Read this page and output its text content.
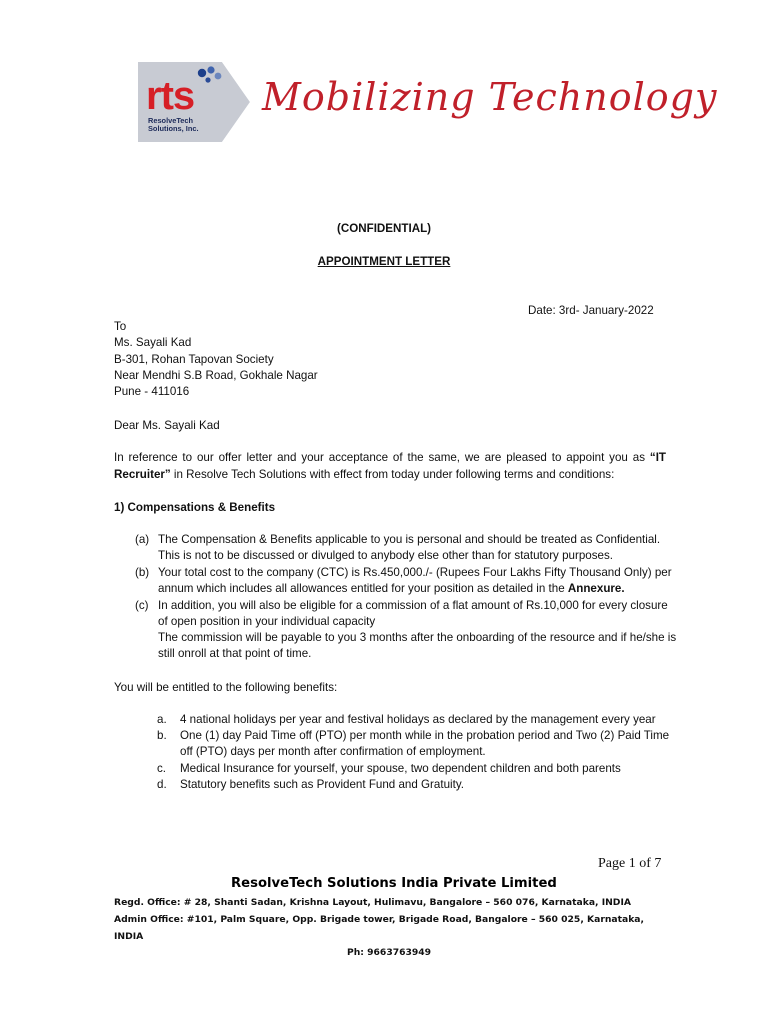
rts
ResolveTech
Solutions, Inc.
Mobilizing Technology
(CONFIDENTIAL)
APPOINTMENT LETTER
Date: 3rd- January-2022
To
Ms. Sayali Kad
B-301, Rohan Tapovan Society
Near Mendhi S.B Road, Gokhale Nagar
Pune - 411016
Dear Ms. Sayali Kad
In reference to our offer letter and your acceptance of the same, we are pleased to appoint you as “IT
Recruiter” in Resolve Tech Solutions with effect from today under following terms and conditions:
1) Compensations & Benefits
(a) The Compensation & Benefits applicable to you is personal and should be treated as Confidential.
This is not to be discussed or divulged to anybody else other than for statutory purposes.
(b) Your total cost to the company (CTC) is Rs.450,000./- (Rupees Four Lakhs Fifty Thousand Only) per
annum which includes all allowances entitled for your position as detailed in the Annexure.
(c) In addition, you will also be eligible for a commission of a flat amount of Rs.10,000 for every closure
of open position in your individual capacity
The commission will be payable to you 3 months after the onboarding of the resource and if he/she is
still onroll at that point of time.
You will be entitled to the following benefits:
a. 4 national holidays per year and festival holidays as declared by the management every year
b. One (1) day Paid Time off (PTO) per month while in the probation period and Two (2) Paid Time
off (PTO) days per month after confirmation of employment.
c. Medical Insurance for yourself, your spouse, two dependent children and both parents
d. Statutory benefits such as Provident Fund and Gratuity.
Page 1 of 7
ResolveTech Solutions India Private Limited
Regd. Office: # 28, Shanti Sadan, Krishna Layout, Hulimavu, Bangalore – 560 076, Karnataka, INDIA
Admin Office: #101, Palm Square, Opp. Brigade tower, Brigade Road, Bangalore – 560 025, Karnataka,
INDIA
Ph: 9663763949
